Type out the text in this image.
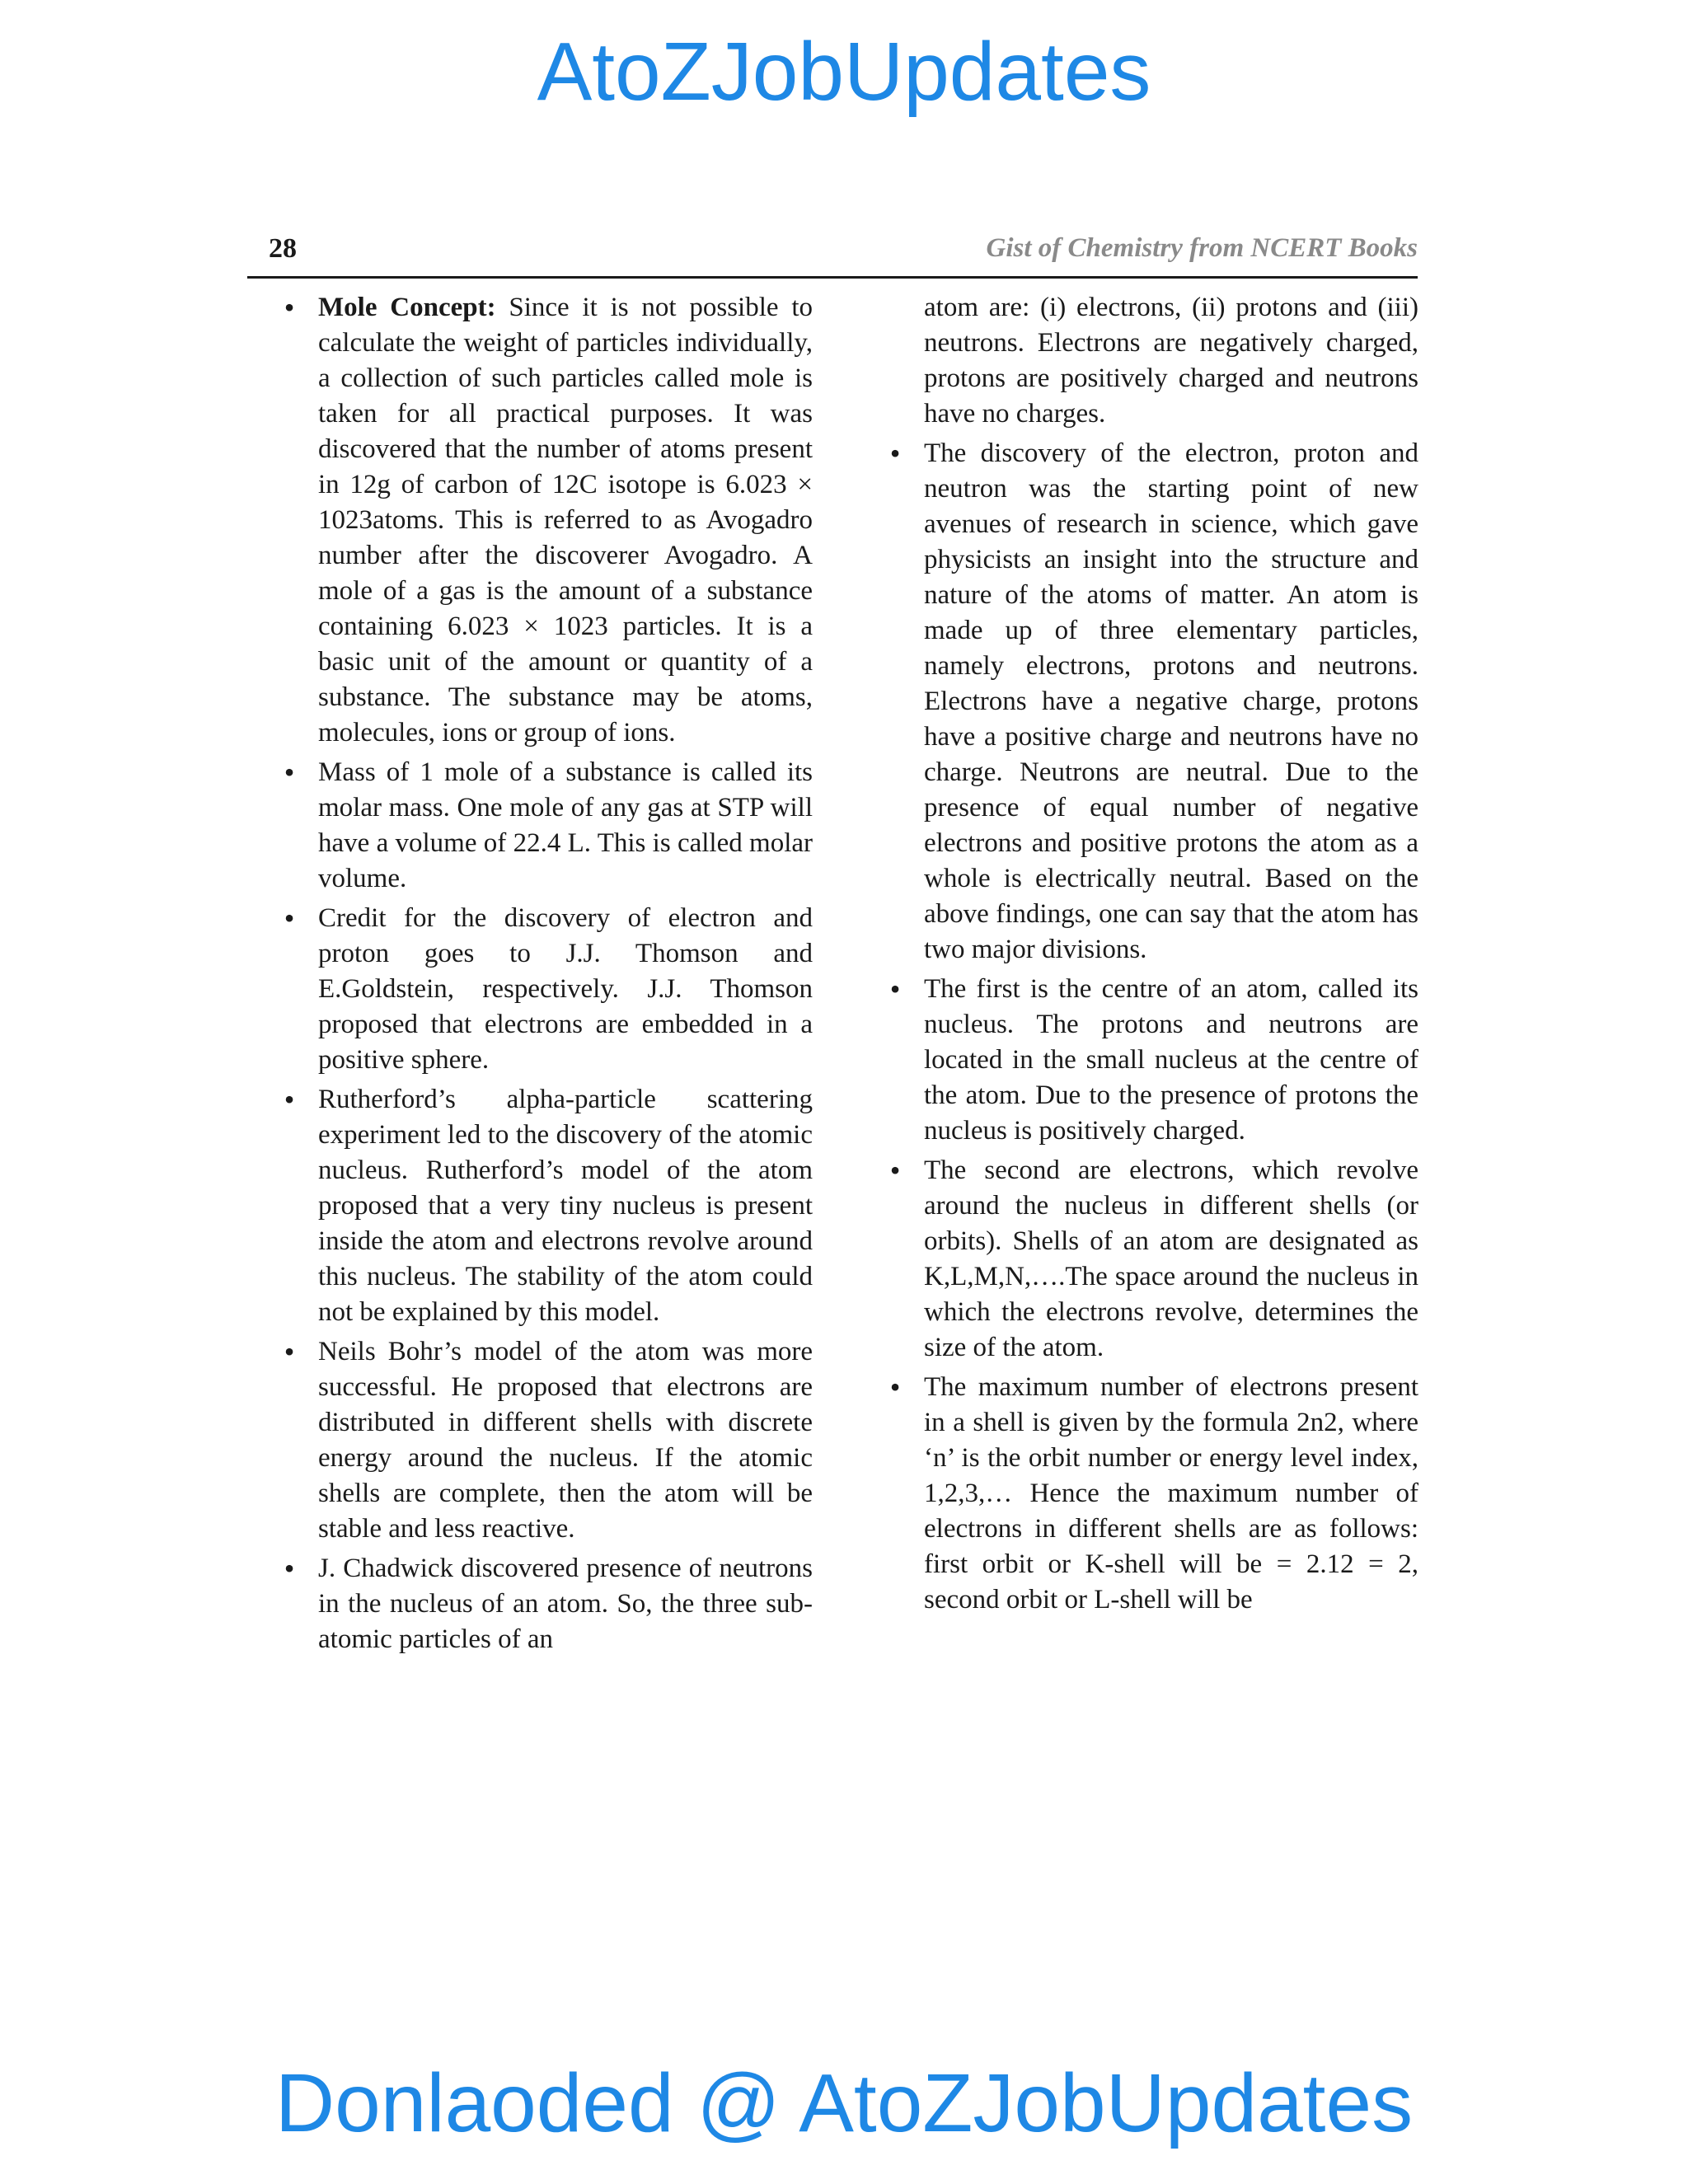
AtoZJobUpdates
28	Gist of Chemistry from NCERT Books
• Mole Concept: Since it is not possible to calculate the weight of particles individually, a collection of such particles called mole is taken for all practical purposes. It was discovered that the number of atoms present in 12g of carbon of 12C isotope is 6.023 × 1023atoms. This is referred to as Avogadro number after the discoverer Avogadro. A mole of a gas is the amount of a substance containing 6.023 × 1023 particles. It is a basic unit of the amount or quantity of a substance. The substance may be atoms, molecules, ions or group of ions.
• Mass of 1 mole of a substance is called its molar mass. One mole of any gas at STP will have a volume of 22.4 L. This is called molar volume.
• Credit for the discovery of electron and proton goes to J.J. Thomson and E.Goldstein, respectively. J.J. Thomson proposed that electrons are embedded in a positive sphere.
• Rutherford’s alpha-particle scattering experiment led to the discovery of the atomic nucleus. Rutherford’s model of the atom proposed that a very tiny nucleus is present inside the atom and electrons revolve around this nucleus. The stability of the atom could not be explained by this model.
• Neils Bohr’s model of the atom was more successful. He proposed that electrons are distributed in different shells with discrete energy around the nucleus. If the atomic shells are complete, then the atom will be stable and less reactive.
• J. Chadwick discovered presence of neutrons in the nucleus of an atom. So, the three sub-atomic particles of an
atom are: (i) electrons, (ii) protons and (iii) neutrons. Electrons are negatively charged, protons are positively charged and neutrons have no charges.
• The discovery of the electron, proton and neutron was the starting point of new avenues of research in science, which gave physicists an insight into the structure and nature of the atoms of matter. An atom is made up of three elementary particles, namely electrons, protons and neutrons. Electrons have a negative charge, protons have a positive charge and neutrons have no charge. Neutrons are neutral. Due to the presence of equal number of negative electrons and positive protons the atom as a whole is electrically neutral. Based on the above findings, one can say that the atom has two major divisions.
• The first is the centre of an atom, called its nucleus. The protons and neutrons are located in the small nucleus at the centre of the atom. Due to the presence of protons the nucleus is positively charged.
• The second are electrons, which revolve around the nucleus in different shells (or orbits). Shells of an atom are designated as K,L,M,N,….The space around the nucleus in which the electrons revolve, determines the size of the atom.
• The maximum number of electrons present in a shell is given by the formula 2n2, where ‘n’ is the orbit number or energy level index, 1,2,3,… Hence the maximum number of electrons in different shells are as follows: first orbit or K-shell will be = 2.12 = 2, second orbit or L-shell will be
Donlaoded @ AtoZJobUpdates
